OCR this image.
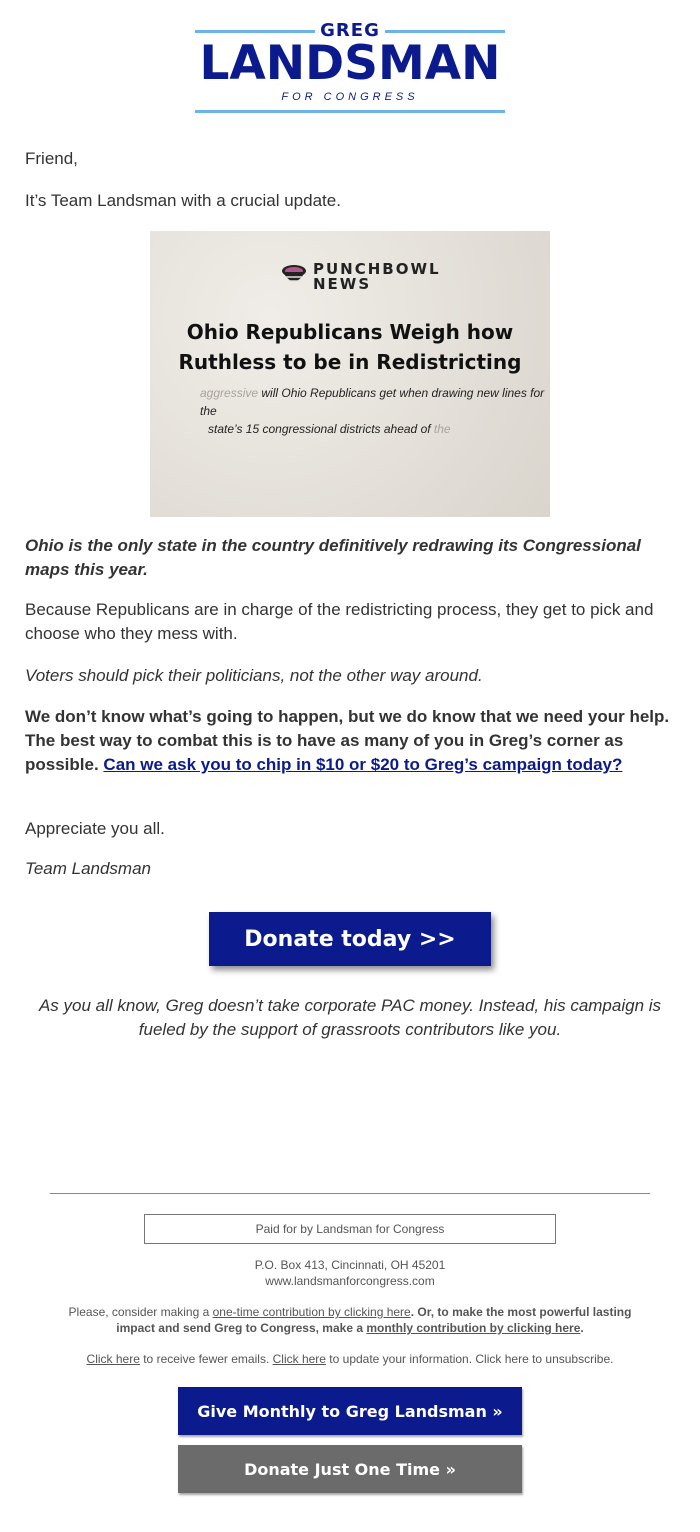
GREG
LANDSMAN
FOR CONGRESS

Friend,

It’s Team Landsman with a crucial update.

PUNCHBOWL
NEWS
Ohio Republicans Weigh how
Ruthless to be in Redistricting
aggressive will Ohio Republicans get when drawing new lines for the
state’s 15 congressional districts ahead of the

Ohio is the only state in the country definitively redrawing its Congressional maps this year.

Because Republicans are in charge of the redistricting process, they get to pick and choose who they mess with.

Voters should pick their politicians, not the other way around.

We don’t know what’s going to happen, but we do know that we need your help. The best way to combat this is to have as many of you in Greg’s corner as possible. Can we ask you to chip in $10 or $20 to Greg’s campaign today?

Appreciate you all.

Team Landsman

Donate today >>
As you all know, Greg doesn’t take corporate PAC money. Instead, his campaign is fueled by the support of grassroots contributors like you.
Paid for by Landsman for Congress
P.O. Box 413, Cincinnati, OH 45201
www.landsmanforcongress.com
Please, consider making a one-time contribution by clicking here. Or, to make the most powerful lasting impact and send Greg to Congress, make a monthly contribution by clicking here.
Click here to receive fewer emails. Click here to update your information. Click here to unsubscribe.
Give Monthly to Greg Landsman »
Donate Just One Time »
